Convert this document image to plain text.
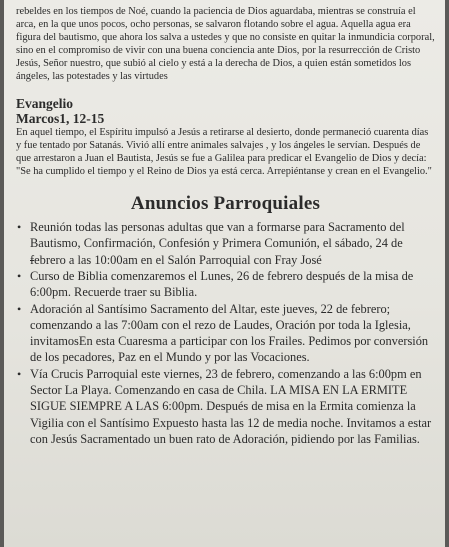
rebeldes en los tiempos de Noé, cuando la paciencia de Dios aguardaba, mientras se construía el arca, en la que unos pocos, ocho personas, se salvaron flotando sobre el agua. Aquella agua era figura del bautismo, que ahora los salva a ustedes y que no consiste en quitar la inmundicia corporal, sino en el compromiso de vivir con una buena conciencia ante Dios, por la resurrección de Cristo Jesús, Señor nuestro, que subió al cielo y está a la derecha de Dios, a quien están sometidos los ángeles, las potestades y las virtudes

Evangelio
Marcos1, 12-15

En aquel tiempo, el Espíritu impulsó a Jesús a retirarse al desierto, donde permaneció cuarenta días y fue tentado por Satanás. Vivió allí entre animales salvajes , y los ángeles le servían. Después de que arrestaron a Juan el Bautista, Jesús se fue a Galilea para predicar el Evangelio de Dios y decía: "Se ha cumplido el tiempo y el Reino de Dios ya está cerca. Arrepiéntanse y crean en el Evangelio."

Anuncios Parroquiales
• Reunión todas las personas adultas que van a formarse para Sacramento del Bautismo, Confirmación, Confesión y Primera Comunión, el sábado, 24 de febrero a las 10:00am en el Salón Parroquial con Fray José
• Curso de Biblia comenzaremos el Lunes, 26 de febrero después de la misa de 6:00pm. Recuerde traer su Biblia.
• Adoración al Santísimo Sacramento del Altar, este jueves, 22 de febrero; comenzando a las 7:00am con el rezo de Laudes, Oración por toda la Iglesia, invitamosEn esta Cuaresma a participar con los Frailes. Pedimos por conversión
de los pecadores, Paz en el Mundo y por las Vocaciones.
• Vía Crucis Parroquial este viernes, 23 de febrero, comenzando a las 6:00pm en Sector La Playa. Comenzando en casa de Chila. LA MISA EN LA ERMITE SIGUE SIEMPRE A LAS 6:00pm. Después de misa en la Ermita comienza la Vigilia con el Santísimo Expuesto hasta las 12 de media noche. Invitamos a estar con Jesús Sacramentado un buen rato de Adoración, pidiendo por las Familias.
